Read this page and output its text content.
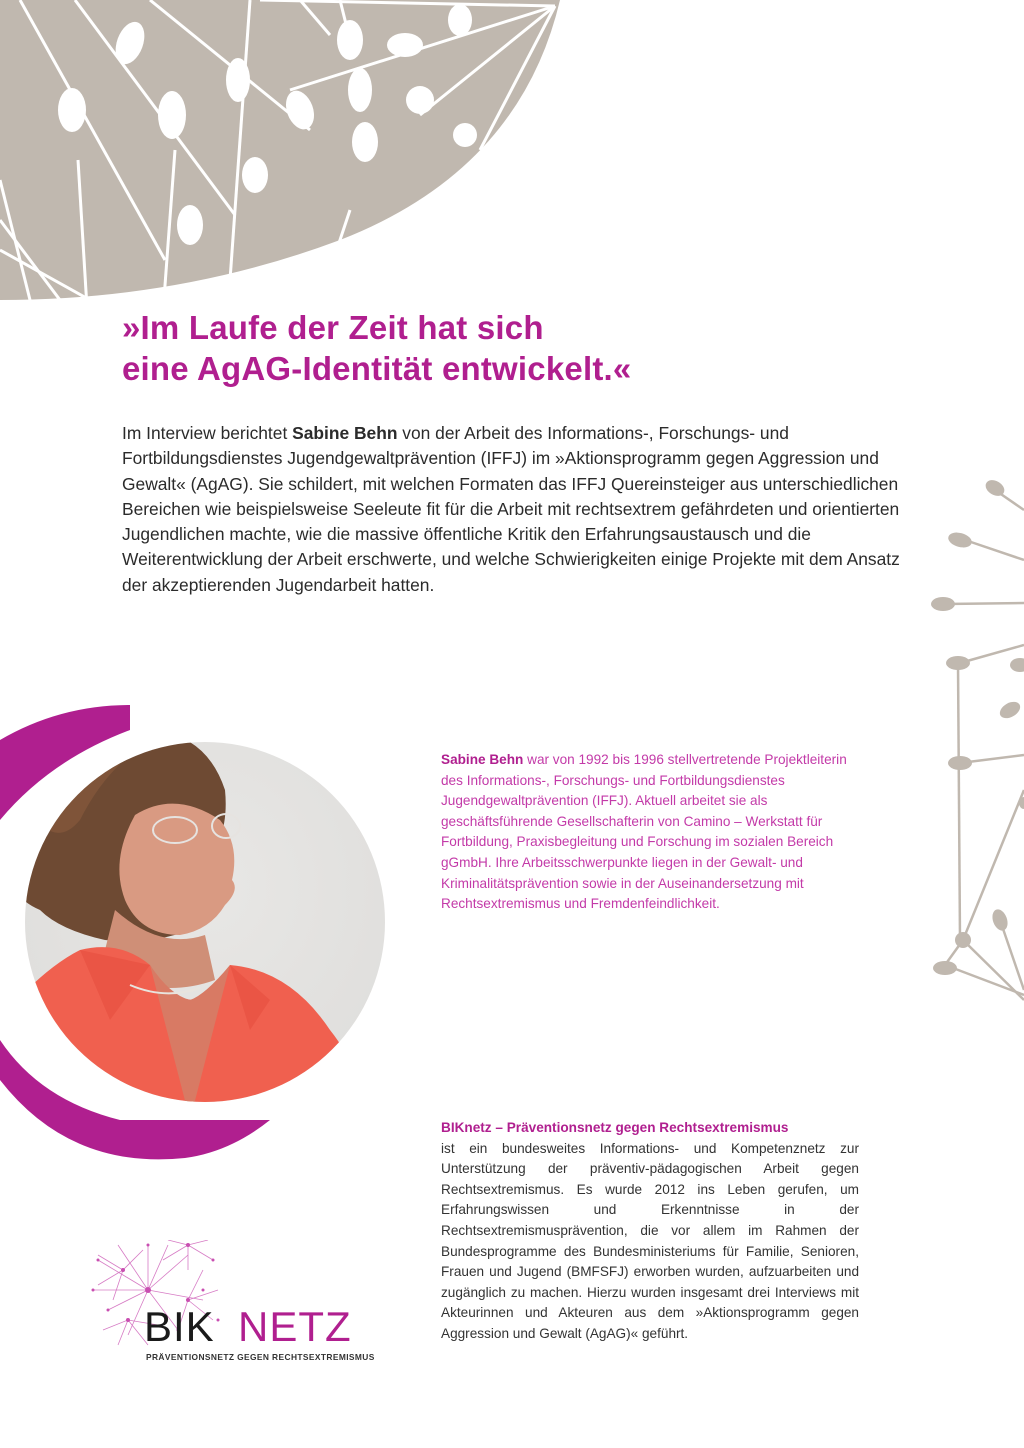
»Im Laufe der Zeit hat sich
eine AgAG-Identität entwickelt.«

Im Interview berichtet Sabine Behn von der Arbeit des Informations-, Forschungs- und Fortbildungsdienstes Jugendgewaltprävention (IFFJ) im »Aktionsprogramm gegen Aggression und Gewalt« (AgAG). Sie schildert, mit welchen Formaten das IFFJ Quereinsteiger aus unterschiedlichen Bereichen wie beispielsweise Seeleute fit für die Arbeit mit rechtsextrem gefährdeten und orientierten Jugendlichen machte, wie die massive öffentliche Kritik den Erfahrungsaustausch und die Weiterentwicklung der Arbeit erschwerte, und welche Schwierigkeiten einige Projekte mit dem Ansatz der akzeptierenden Jugendarbeit hatten.

Sabine Behn war von 1992 bis 1996 stellvertretende Projektleiterin des Informations-, Forschungs- und Fortbildungsdienstes Jugendgewaltprävention (IFFJ). Aktuell arbeitet sie als geschäftsführende Gesellschafterin von Camino – Werkstatt für Fortbildung, Praxisbegleitung und Forschung im sozialen Bereich gGmbH. Ihre Arbeitsschwerpunkte liegen in der Gewalt- und Kriminalitätsprävention sowie in der Auseinandersetzung mit Rechtsextremismus und Fremdenfeindlichkeit.

BIKnetz – Präventionsnetz gegen Rechtsextremismus
ist ein bundesweites Informations- und Kompetenznetz zur Unterstützung der präventiv-pädagogischen Arbeit gegen Rechtsextremismus. Es wurde 2012 ins Leben gerufen, um Erfahrungswissen und Erkenntnisse in der Rechtsextremismusprävention, die vor allem im Rahmen der Bundesprogramme des Bundesministeriums für Familie, Senioren, Frauen und Jugend (BMFSFJ) erworben wurden, aufzuarbeiten und zugänglich zu machen. Hierzu wurden insgesamt drei Interviews mit Akteurinnen und Akteuren aus dem »Aktionsprogramm gegen Aggression und Gewalt (AgAG)« geführt.

BIK NETZ
PRÄVENTIONSNETZ GEGEN RECHTSEXTREMISMUS
